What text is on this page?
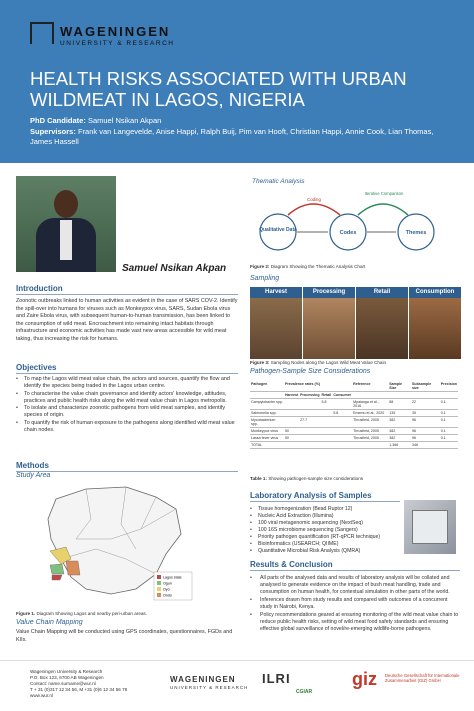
WAGENINGEN
UNIVERSITY & RESEARCH
HEALTH RISKS ASSOCIATED WITH URBAN WILDMEAT IN LAGOS, NIGERIA
PhD Candidate: Samuel Nsikan Akpan
Supervisors: Frank van Langevelde, Anise Happi, Ralph Buij, Pim van Hooft, Christian Happi, Annie Cook, Lian Thomas, James Hassell
Samuel Nsikan Akpan
Introduction
Zoonotic outbreaks linked to human activities as evident in the case of SARS COV-2. Identify the spill-over into humans for viruses such as Monkeypox virus, SARS, Sudan Ebola virus and Zaire Ebola virus, with subsequent human-to-human transmission, has been linked to the consumption of wild meat. Encroachment into remaining intact habitats through infrastructure and economic activities has made vast new areas accessible for wild meat taking, thus increasing the risk for humans.
Objectives
• To map the Lagos wild meat value chain, the actors and sources, quantify the flow and identify the species being traded in the Lagos urban centre.
• To characterise the value chain governance and identify actors' knowledge, attitudes, practices and public health risks along the wild meat value chain in Lagos metropolis.
• To isolate and characterize zoonotic pathogens from wild meat samples, and identify species of origin.
• To quantify the risk of human exposure to the pathogens along identified wild meat value chain nodes.
Methods
Study Area
Lagos state
Ogun
Oyo
Ondo
Figure 1. Diagram Showing Lagos and nearby peri-urban areas.
Value Chain Mapping
Value Chain Mapping will be conducted using GPS coordinates, questionnaires, FGDs and KIIs.
Thematic Analysis
Qualitative Data	Codes	Themes
Coding
Iterative Comparison
Figure 2: Diagram Showing the Thematic Analysis Chart
Sampling
Harvest	Processing	Retail	Consumption
Figure 3: Sampling Nodes along the Lagos Wild Meat Value Chain
Pathogen-Sample Size Considerations
Pathogen	Prevalence rates (%)				Reference	Sample Size	Subsample size	Precision
	Harvest	Processing	Retail	Consumer				
Campylobacter spp.			5.8		Mpalanga et al., 2016	88	22	0.1
Salmonella spp.				5.8	Ememu et al., 2020	139	35	0.1
Mycobacterium spp.		27.7			Thrusfield, 2005	382	96	0.1
Monkeypox virus	50				Thrusfield, 2005	382	96	0.1
Lassa fever virus	50				Thrusfield, 2005	382	96	0.1
TOTAL						1,366	346	
Table 1: Showing pathogen-sample size considerations
Laboratory Analysis of Samples
• Tissue homogenization (Bead Ruptor 12)
• Nucleic Acid Extraction (Illumina)
• 100 viral metagenomic sequencing (NextSeq)
• 100 16S microbiome sequencing (Sangers)
• Priority pathogen quantification (RT-qPCR technique)
• Bioinformatics (USEARCH; QIIME)
• Quantitative Microbial Risk Analysis (QMRA)
Results & Conclusion
• All parts of the analysed data and results of laboratory analysis will be collated and analysed to generate evidence on the impact of bush meat handling, trade and consumption on human health, for contextual simulation in other parts of the world.
• Inferences drawn from study results and compared with outcomes of a concurrent study in Nairobi, Kenya.
• Policy recommendations geared at ensuring monitoring of the wild meat value chain to reduce public health risks, setting of wild meat food safety standards and ensuring effective global surveillance of novel/re-emerging wildlife-borne pathogens.
Wageningen University & Research
P.O. Box 123, 6700 AB Wageningen
Contact: name.surname@wur.nl
T + 31 (0)317 12 34 56, M +31 (0)6 12 34 56 78
www.wur.nl
WAGENINGEN
UNIVERSITY & RESEARCH
ILRI
CGIAR
giz Deutsche Gesellschaft für Internationale Zusammenarbeit (GIZ) GmbH
